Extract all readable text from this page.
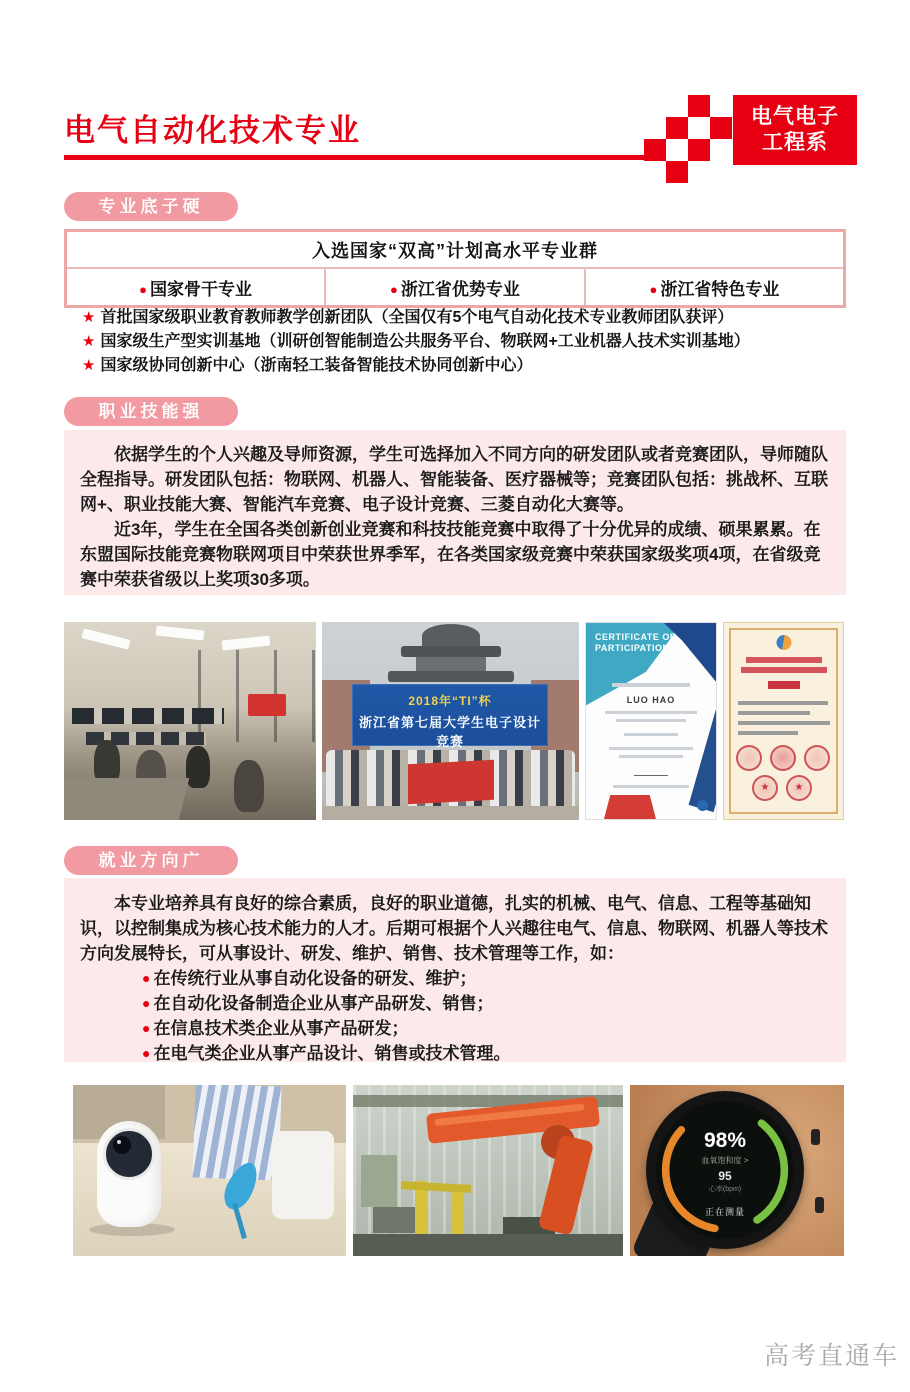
电气自动化技术专业	电气电子
工程系
专业底子硬
入选国家“双高”计划高水平专业群
● 国家骨干专业	● 浙江省优势专业	● 浙江省特色专业
★ 首批国家级职业教育教师教学创新团队（全国仅有5个电气自动化技术专业教师团队获评）
★ 国家级生产型实训基地（训研创智能制造公共服务平台、物联网+工业机器人技术实训基地）
★ 国家级协同创新中心（浙南轻工装备智能技术协同创新中心）
职业技能强

依据学生的个人兴趣及导师资源，学生可选择加入不同方向的研发团队或者竞赛团队，导师随队全程指导。研发团队包括：物联网、机器人、智能装备、医疗器械等；竞赛团队包括：挑战杯、互联网+、职业技能大赛、智能汽车竞赛、电子设计竞赛、三菱自动化大赛等。

近3年，学生在全国各类创新创业竞赛和科技技能竞赛中取得了十分优异的成绩、硕果累累。在东盟国际技能竞赛物联网项目中荣获世界季军，在各类国家级竞赛中荣获国家级奖项4项，在省级竞赛中荣获省级以上奖项30多项。

2018年“TI”杯
浙江省第七届大学生电子设计竞赛
CERTIFICATE OF PARTICIPATION
LUO HAO
★	★
就业方向广

本专业培养具有良好的综合素质，良好的职业道德，扎实的机械、电气、信息、工程等基础知识，以控制集成为核心技术能力的人才。后期可根据个人兴趣往电气、信息、物联网、机器人等技术方向发展特长，可从事设计、研发、维护、销售、技术管理等工作，如：

● 在传统行业从事自动化设备的研发、维护；
● 在自动化设备制造企业从事产品研发、销售；
● 在信息技术类企业从事产品研发；
● 在电气类企业从事产品设计、销售或技术管理。
98%
血氧饱和度 >
95
心率(bpm)
正在测量
高考直通车
